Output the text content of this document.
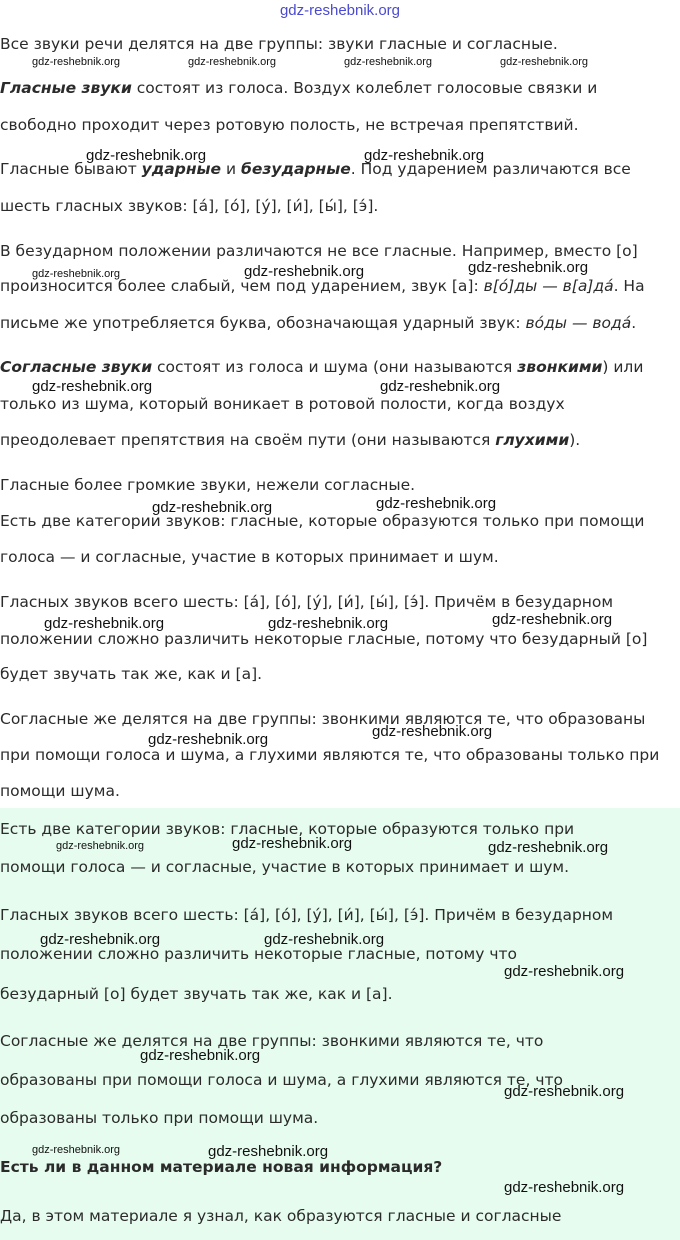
gdz-reshebnik.org

Все звуки речи делятся на две группы: звуки гласные и согласные.

Гласные звуки состоят из голоса. Воздух колеблет голосовые связки и

свободно проходит через ротовую полость, не встречая препятствий.

Гласные бывают ударные и безударные. Под ударением различаются все

шесть гласных звуков: [а́], [о́], [у́], [и́], [ы́], [э́].

В безударном положении различаются не все гласные. Например, вместо [о]

произносится более слабый, чем под ударением, звук [а]: в[о́]ды — в[а]да́. На

письме же употребляется буква, обозначающая ударный звук: во́ды — вода́.

Согласные звуки состоят из голоса и шума (они называются звонкими) или

только из шума, который воникает в ротовой полости, когда воздух

преодолевает препятствия на своём пути (они называются глухими).

Гласные более громкие звуки, нежели согласные.

Есть две категории звуков: гласные, которые образуются только при помощи

голоса — и согласные, участие в которых принимает и шум.

Гласных звуков всего шесть: [а́], [о́], [у́], [и́], [ы́], [э́]. Причём в безударном

положении сложно различить некоторые гласные, потому что безударный [о]

будет звучать так же, как и [а].

Согласные же делятся на две группы: звонкими являются те, что образованы

при помощи голоса и шума, а глухими являются те, что образованы только при

помощи шума.

Есть две категории звуков: гласные, которые образуются только при

помощи голоса — и согласные, участие в которых принимает и шум.

Гласных звуков всего шесть: [а́], [о́], [у́], [и́], [ы́], [э́]. Причём в безударном

положении сложно различить некоторые гласные, потому что

безударный [о] будет звучать так же, как и [а].

Согласные же делятся на две группы: звонкими являются те, что

образованы при помощи голоса и шума, а глухими являются те, что

образованы только при помощи шума.

Есть ли в данном материале новая информация?

Да, в этом материале я узнал, как образуются гласные и согласные

gdz-reshebnik.org	gdz-reshebnik.org	gdz-reshebnik.org	gdz-reshebnik.org
gdz-reshebnik.org	gdz-reshebnik.org
gdz-reshebnik.org	gdz-reshebnik.org	gdz-reshebnik.org
gdz-reshebnik.org	gdz-reshebnik.org
gdz-reshebnik.org	gdz-reshebnik.org
gdz-reshebnik.org	gdz-reshebnik.org	gdz-reshebnik.org
gdz-reshebnik.org	gdz-reshebnik.org
gdz-reshebnik.org	gdz-reshebnik.org	gdz-reshebnik.org
gdz-reshebnik.org	gdz-reshebnik.org
gdz-reshebnik.org
gdz-reshebnik.org
gdz-reshebnik.org
gdz-reshebnik.org	gdz-reshebnik.org
gdz-reshebnik.org
